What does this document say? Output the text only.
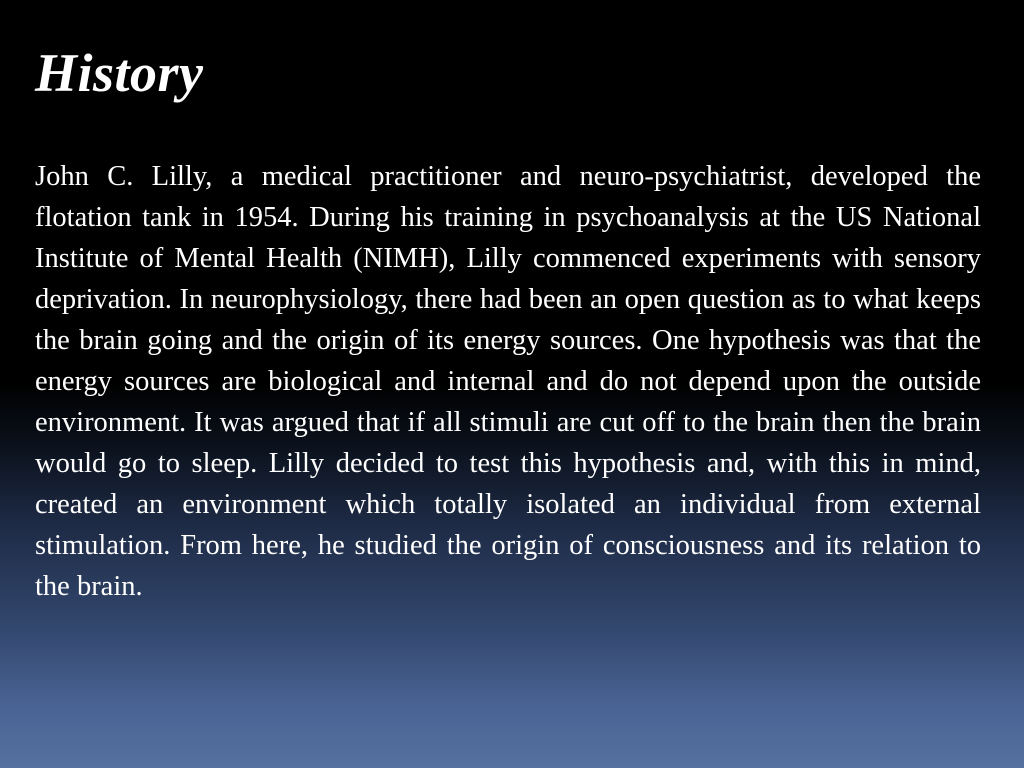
History

John C. Lilly, a medical practitioner and neuro-psychiatrist, developed the flotation tank in 1954. During his training in psychoanalysis at the US National Institute of Mental Health (NIMH), Lilly commenced experiments with sensory deprivation. In neurophysiology, there had been an open question as to what keeps the brain going and the origin of its energy sources. One hypothesis was that the energy sources are biological and internal and do not depend upon the outside environment. It was argued that if all stimuli are cut off to the brain then the brain would go to sleep. Lilly decided to test this hypothesis and, with this in mind, created an environment which totally isolated an individual from external stimulation. From here, he studied the origin of consciousness and its relation to the brain.
